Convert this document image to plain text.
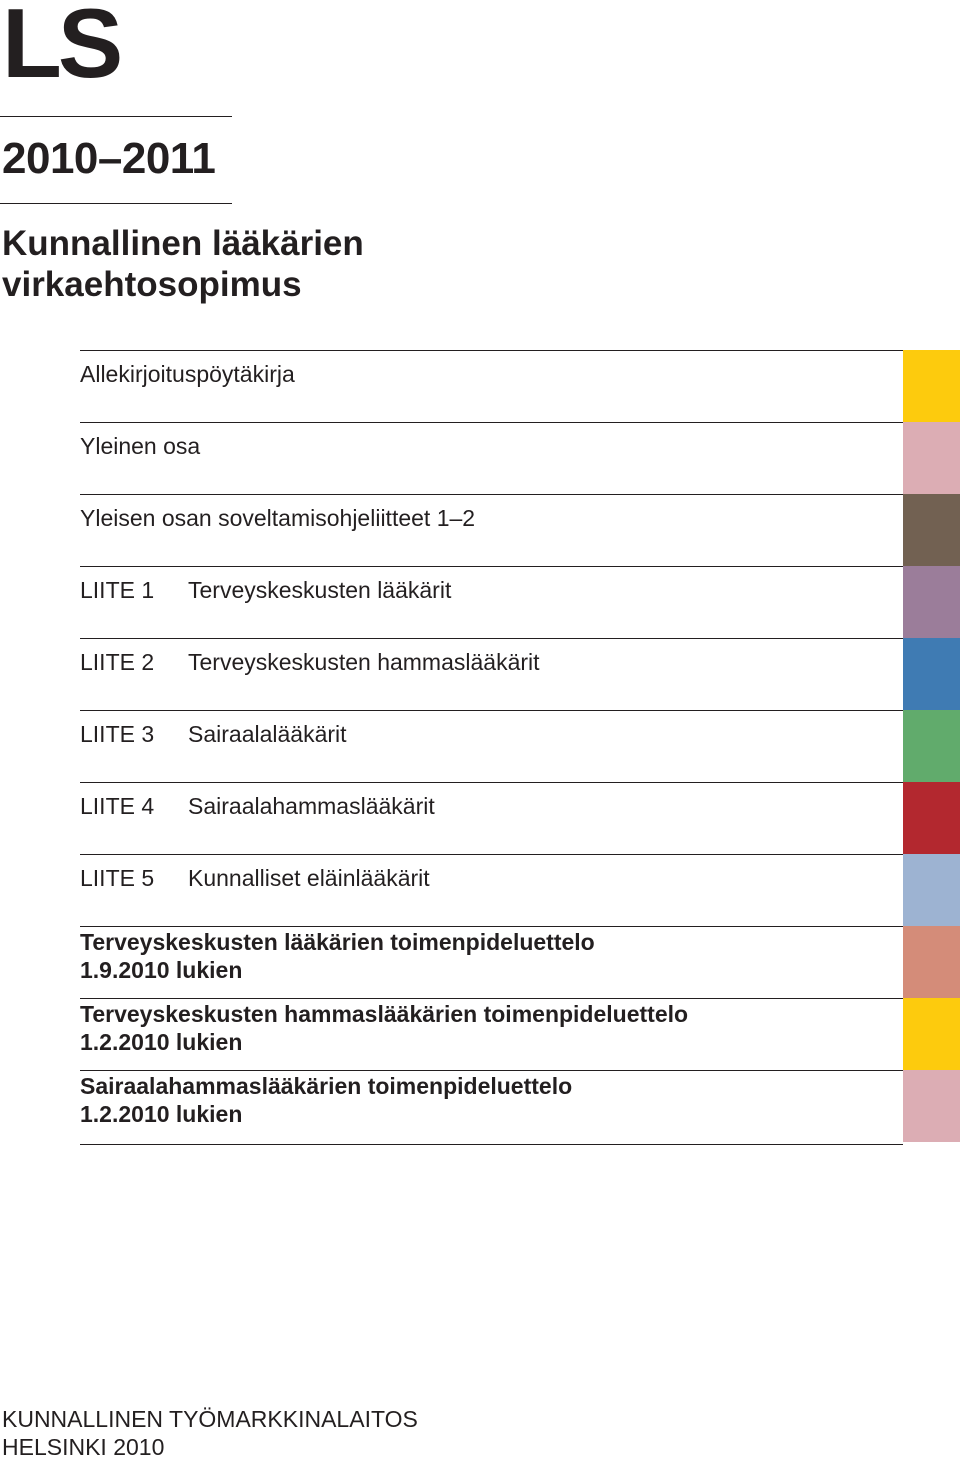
LS
2010–2011
Kunnallinen lääkärien
virkaehtosopimus
Allekirjoituspöytäkirja
Yleinen osa
Yleisen osan soveltamisohjeliitteet 1–2
LIITE 1 Terveyskeskusten lääkärit
LIITE 2 Terveyskeskusten hammaslääkärit
LIITE 3 Sairaalalääkärit
LIITE 4 Sairaalahammaslääkärit
LIITE 5 Kunnalliset eläinlääkärit
Terveyskeskusten lääkärien toimenpideluettelo
1.9.2010 lukien
Terveyskeskusten hammaslääkärien toimenpideluettelo
1.2.2010 lukien
Sairaalahammaslääkärien toimenpideluettelo
1.2.2010 lukien
KUNNALLINEN TYÖMARKKINALAITOS
HELSINKI 2010
